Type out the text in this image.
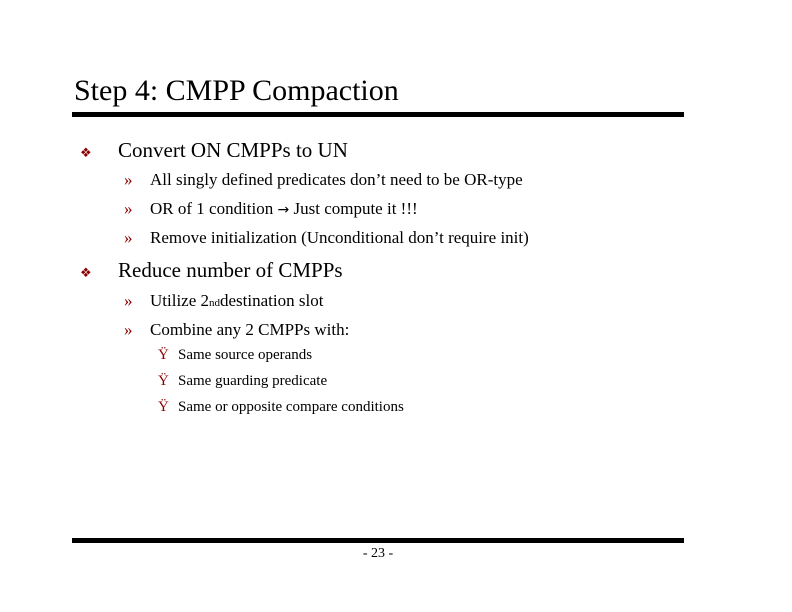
Step 4: CMPP Compaction
❖	Convert ON CMPPs to UN
»	All singly defined predicates don’t need to be OR-type
»	OR of 1 condition
→
Just compute it !!!
»	Remove initialization (Unconditional don’t require init)
❖	Reduce number of CMPPs
»	Utilize 2 nd destination slot
»	Combine any 2 CMPPs with:
Ÿ Same source operands
Ÿ Same guarding predicate
Ÿ Same or opposite compare conditions
- 23 -
